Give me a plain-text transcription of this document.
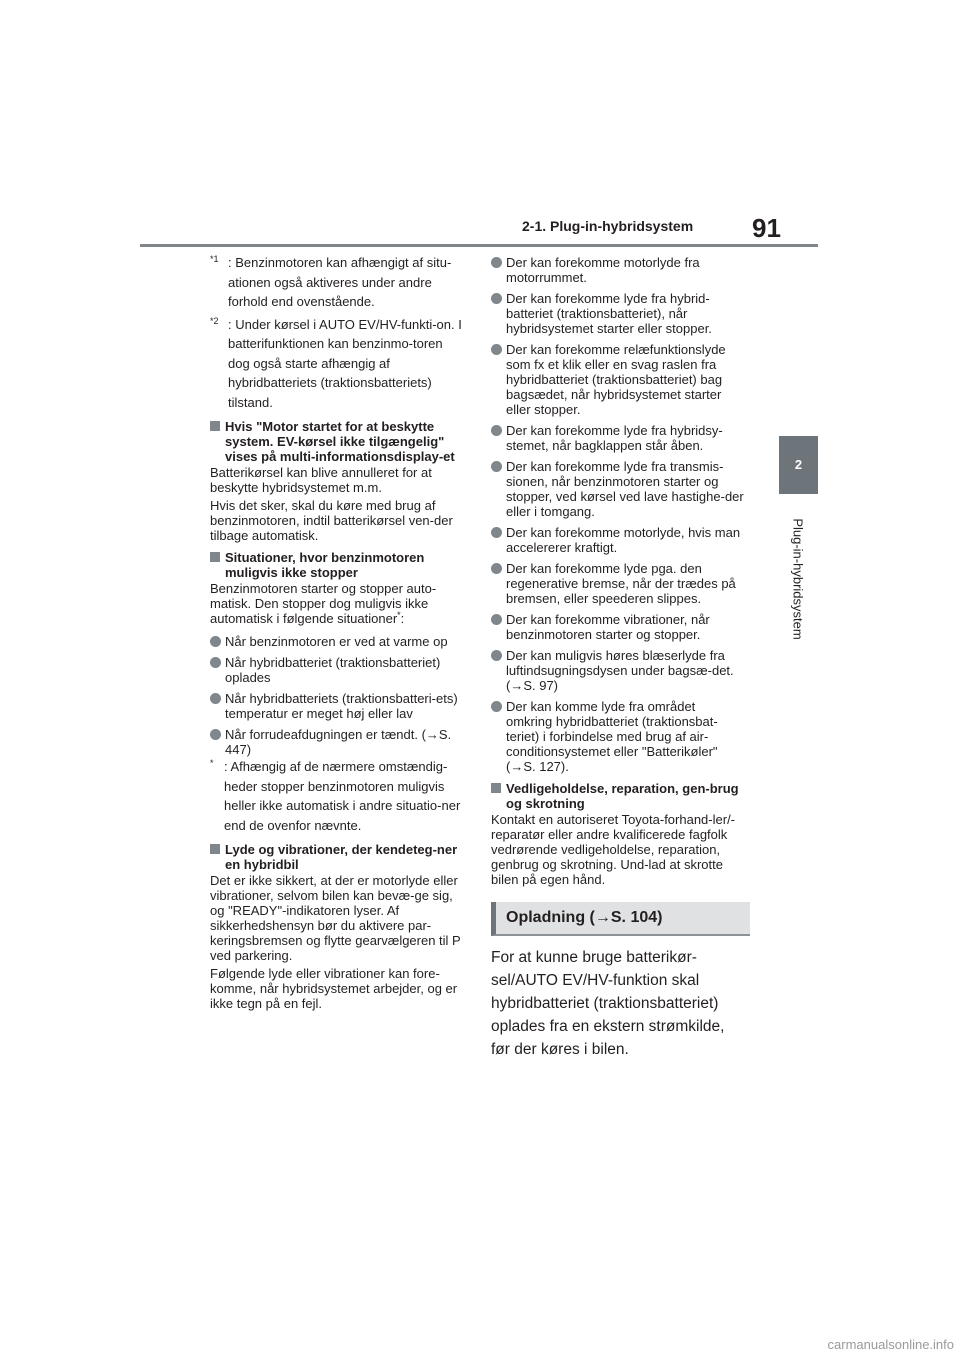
2-1. Plug-in-hybridsystem 91
2
Plug-in-hybridsystem
$^{*1}$ : Benzinmotoren kan afhængigt af situ-ationen også aktiveres under andre forhold end ovenstående.
$^{*2}$ : Under kørsel i AUTO EV/HV-funkti-on. I batterifunktionen kan benzinmo-toren dog også starte afhængig af hybridbatteriets (traktionsbatteriets) tilstand.
Hvis "Motor startet for at beskytte system. EV-kørsel ikke tilgængelig" vises på multi-informationsdisplay-et

Batterikørsel kan blive annulleret for at beskytte hybridsystemet m.m.

Hvis det sker, skal du køre med brug af benzinmotoren, indtil batterikørsel ven-der tilbage automatisk.

Situationer, hvor benzinmotoren muligvis ikke stopper

Benzinmotoren starter og stopper auto-matisk. Den stopper dog muligvis ikke

automatisk i følgende situationer*:
Når benzinmotoren er ved at varme op
Når hybridbatteriet (traktionsbatteriet) oplades
Når hybridbatteriets (traktionsbatteri-ets) temperatur er meget høj eller lav
Når forrudeafdugningen er tændt. (→S. 447)
* : Afhængig af de nærmere omstændig-heder stopper benzinmotoren muligvis heller ikke automatisk i andre situatio-ner end de ovenfor nævnte.
Lyde og vibrationer, der kendeteg-ner en hybridbil

Det er ikke sikkert, at der er motorlyde eller vibrationer, selvom bilen kan bevæ-ge sig, og "READY"-indikatoren lyser. Af sikkerhedshensyn bør du aktivere par-keringsbremsen og flytte gearvælgeren til P ved parkering.

Følgende lyde eller vibrationer kan fore-komme, når hybridsystemet arbejder, og er ikke tegn på en fejl.

Der kan forekomme motorlyde fra motorrummet.
Der kan forekomme lyde fra hybrid-batteriet (traktionsbatteriet), når hybridsystemet starter eller stopper.
Der kan forekomme relæfunktionslyde som fx et klik eller en svag raslen fra hybridbatteriet (traktionsbatteriet) bag bagsædet, når hybridsystemet starter eller stopper.
Der kan forekomme lyde fra hybridsy-stemet, når bagklappen står åben.
Der kan forekomme lyde fra transmis-sionen, når benzinmotoren starter og stopper, ved kørsel ved lave hastighe-der eller i tomgang.
Der kan forekomme motorlyde, hvis man accelererer kraftigt.
Der kan forekomme lyde pga. den regenerative bremse, når der trædes på bremsen, eller speederen slippes.
Der kan forekomme vibrationer, når benzinmotoren starter og stopper.
Der kan muligvis høres blæserlyde fra luftindsugningsdysen under bagsæ-det. (→S. 97)
Der kan komme lyde fra området omkring hybridbatteriet (traktionsbat-teriet) i forbindelse med brug af air-conditionsystemet eller "Batterikøler" (→S. 127).
Vedligeholdelse, reparation, gen-brug og skrotning

Kontakt en autoriseret Toyota-forhand-ler/-reparatør eller andre kvalificerede fagfolk vedrørende vedligeholdelse, reparation, genbrug og skrotning. Und-lad at skrotte bilen på egen hånd.

Opladning (→S. 104)
For at kunne bruge batterikør-
sel/AUTO EV/HV-funktion skal
hybridbatteriet (traktionsbatteriet)
oplades fra en ekstern strømkilde,
før der køres i bilen.
carmanualsonline.info
